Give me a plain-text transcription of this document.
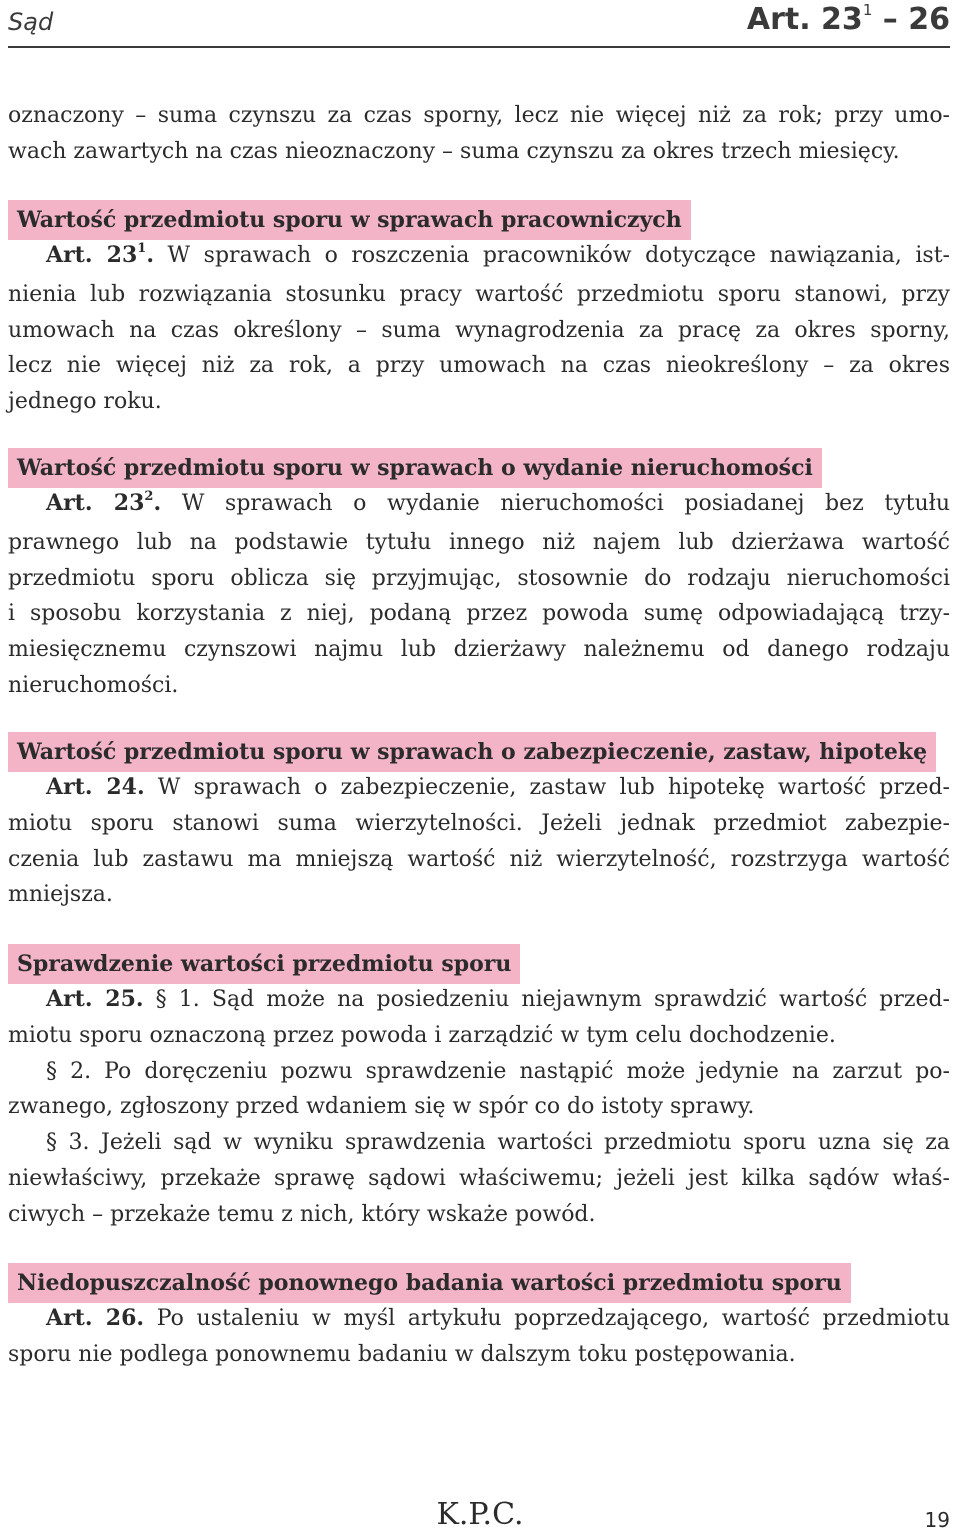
Sąd	Art. $23^1 - 26$
oznaczony – suma czynszu za czas sporny, lecz nie więcej niż za rok; przy umo-
wach zawartych na czas nieoznaczony – suma czynszu za okres trzech miesięcy.
Wartość przedmiotu sporu w sprawach pracowniczych
Art. $23^1$. W sprawach o roszczenia pracowników dotyczące nawiązania, ist-
nienia lub rozwiązania stosunku pracy wartość przedmiotu sporu stanowi, przy
umowach na czas określony – suma wynagrodzenia za pracę za okres sporny,
lecz nie więcej niż za rok, a przy umowach na czas nieokreślony – za okres
jednego roku.
Wartość przedmiotu sporu w sprawach o wydanie nieruchomości
Art. $23^2$. W sprawach o wydanie nieruchomości posiadanej bez tytułu
prawnego lub na podstawie tytułu innego niż najem lub dzierżawa wartość
przedmiotu sporu oblicza się przyjmując, stosownie do rodzaju nieruchomości
i sposobu korzystania z niej, podaną przez powoda sumę odpowiadającą trzy-
miesięcznemu czynszowi najmu lub dzierżawy należnemu od danego rodzaju
nieruchomości.
Wartość przedmiotu sporu w sprawach o zabezpieczenie, zastaw, hipotekę
Art. 24. W sprawach o zabezpieczenie, zastaw lub hipotekę wartość przed-
miotu sporu stanowi suma wierzytelności. Jeżeli jednak przedmiot zabezpie-
czenia lub zastawu ma mniejszą wartość niż wierzytelność, rozstrzyga wartość
mniejsza.
Sprawdzenie wartości przedmiotu sporu
Art. 25. § 1. Sąd może na posiedzeniu niejawnym sprawdzić wartość przed-
miotu sporu oznaczoną przez powoda i zarządzić w tym celu dochodzenie.
§ 2. Po doręczeniu pozwu sprawdzenie nastąpić może jedynie na zarzut po-
zwanego, zgłoszony przed wdaniem się w spór co do istoty sprawy.
§ 3. Jeżeli sąd w wyniku sprawdzenia wartości przedmiotu sporu uzna się za
niewłaściwy, przekaże sprawę sądowi właściwemu; jeżeli jest kilka sądów właś-
ciwych – przekaże temu z nich, który wskaże powód.
Niedopuszczalność ponownego badania wartości przedmiotu sporu
Art. 26. Po ustaleniu w myśl artykułu poprzedzającego, wartość przedmiotu
sporu nie podlega ponownemu badaniu w dalszym toku postępowania.
K.P.C.	19
